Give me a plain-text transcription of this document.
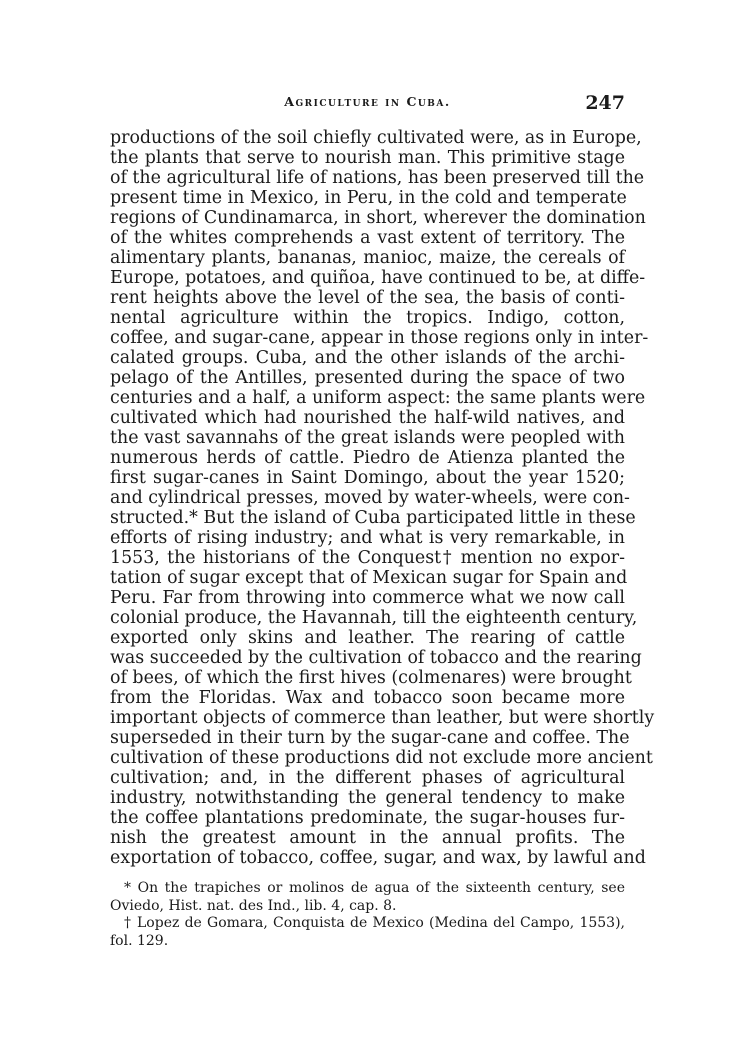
Agriculture in Cuba.	247
productions of the soil chiefly cultivated were, as in Europe,
the plants that serve to nourish man. This primitive stage
of the agricultural life of nations, has been preserved till the
present time in Mexico, in Peru, in the cold and temperate
regions of Cundinamarca, in short, wherever the domination
of the whites comprehends a vast extent of territory. The
alimentary plants, bananas, manioc, maize, the cereals of
Europe, potatoes, and quiñoa, have continued to be, at diffe-
rent heights above the level of the sea, the basis of conti-
nental agriculture within the tropics. Indigo, cotton,
coffee, and sugar-cane, appear in those regions only in inter-
calated groups. Cuba, and the other islands of the archi-
pelago of the Antilles, presented during the space of two
centuries and a half, a uniform aspect: the same plants were
cultivated which had nourished the half-wild natives, and
the vast savannahs of the great islands were peopled with
numerous herds of cattle. Piedro de Atienza planted the
first sugar-canes in Saint Domingo, about the year 1520;
and cylindrical presses, moved by water-wheels, were con-
structed.* But the island of Cuba participated little in these
efforts of rising industry; and what is very remarkable, in
1553, the historians of the Conquest† mention no expor-
tation of sugar except that of Mexican sugar for Spain and
Peru. Far from throwing into commerce what we now call
colonial produce, the Havannah, till the eighteenth century,
exported only skins and leather. The rearing of cattle
was succeeded by the cultivation of tobacco and the rearing
of bees, of which the first hives (colmenares) were brought
from the Floridas. Wax and tobacco soon became more
important objects of commerce than leather, but were shortly
superseded in their turn by the sugar-cane and coffee. The
cultivation of these productions did not exclude more ancient
cultivation; and, in the different phases of agricultural
industry, notwithstanding the general tendency to make
the coffee plantations predominate, the sugar-houses fur-
nish the greatest amount in the annual profits. The
exportation of tobacco, coffee, sugar, and wax, by lawful and
* On the trapiches or molinos de agua of the sixteenth century, see
Oviedo, Hist. nat. des Ind., lib. 4, cap. 8.
† Lopez de Gomara, Conquista de Mexico (Medina del Campo, 1553),
fol. 129.
